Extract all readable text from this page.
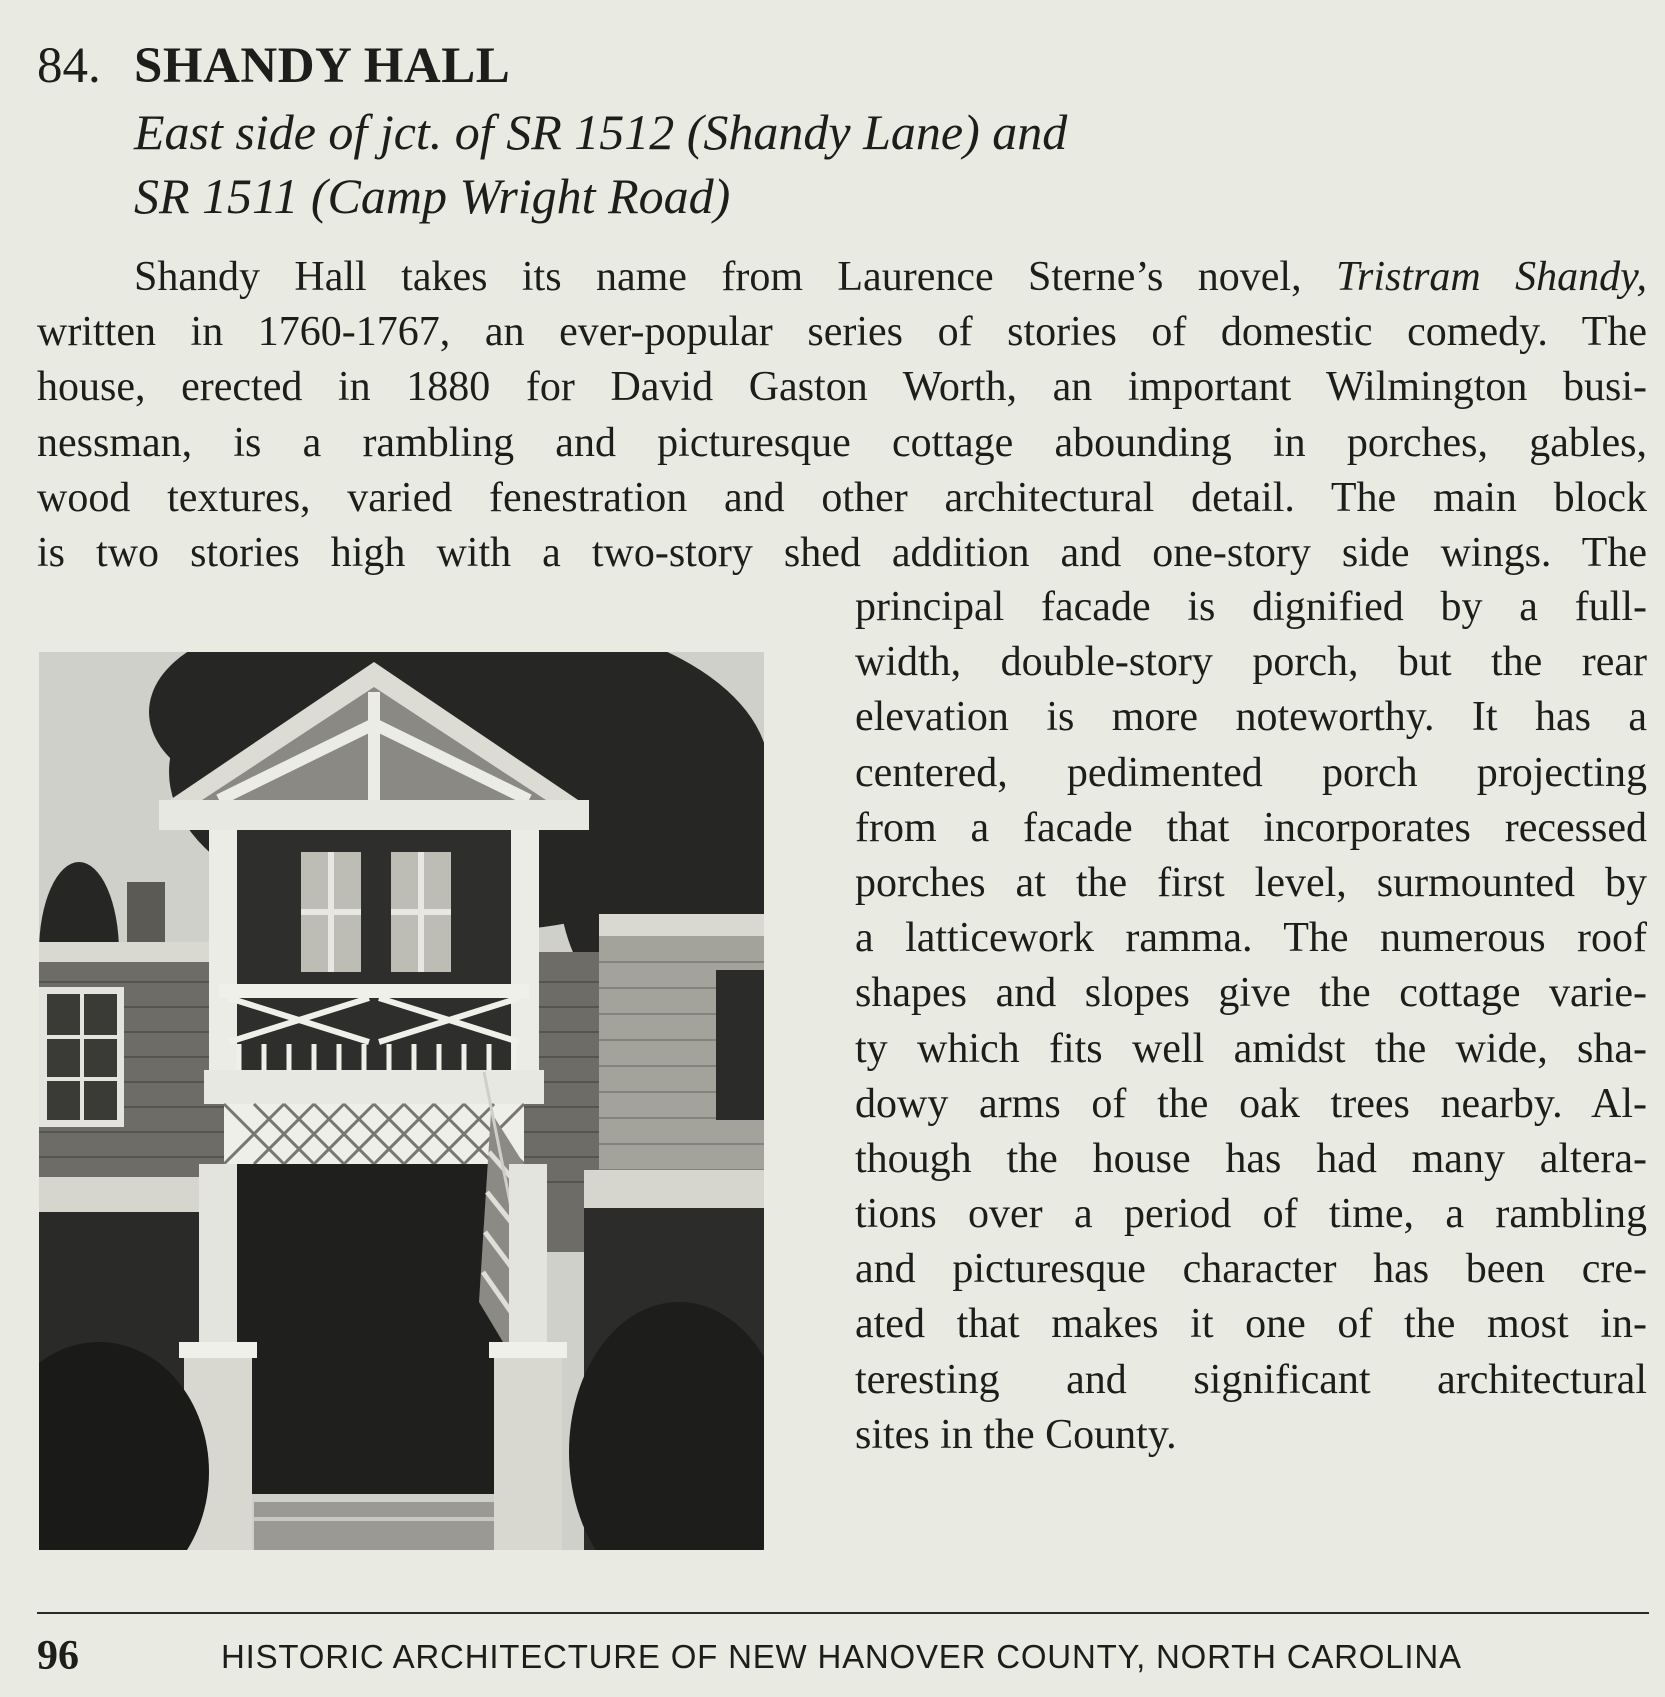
84. SHANDY HALL
East side of jct. of SR 1512 (Shandy Lane) and
SR 1511 (Camp Wright Road)
Shandy Hall takes its name from Laurence Sterne’s novel, Tristram Shandy,
written in 1760-1767, an ever-popular series of stories of domestic comedy. The
house, erected in 1880 for David Gaston Worth, an important Wilmington busi-
nessman, is a rambling and picturesque cottage abounding in porches, gables,
wood textures, varied fenestration and other architectural detail. The main block
is two stories high with a two-story shed addition and one-story side wings. The
principal facade is dignified by a full-
width, double-story porch, but the rear
elevation is more noteworthy. It has a
centered, pedimented porch projecting
from a facade that incorporates recessed
porches at the first level, surmounted by
a latticework ramma. The numerous roof
shapes and slopes give the cottage varie-
ty which fits well amidst the wide, sha-
dowy arms of the oak trees nearby. Al-
though the house has had many altera-
tions over a period of time, a rambling
and picturesque character has been cre-
ated that makes it one of the most in-
teresting and significant architectural
sites in the County.
96	HISTORIC ARCHITECTURE OF NEW HANOVER COUNTY, NORTH CAROLINA
